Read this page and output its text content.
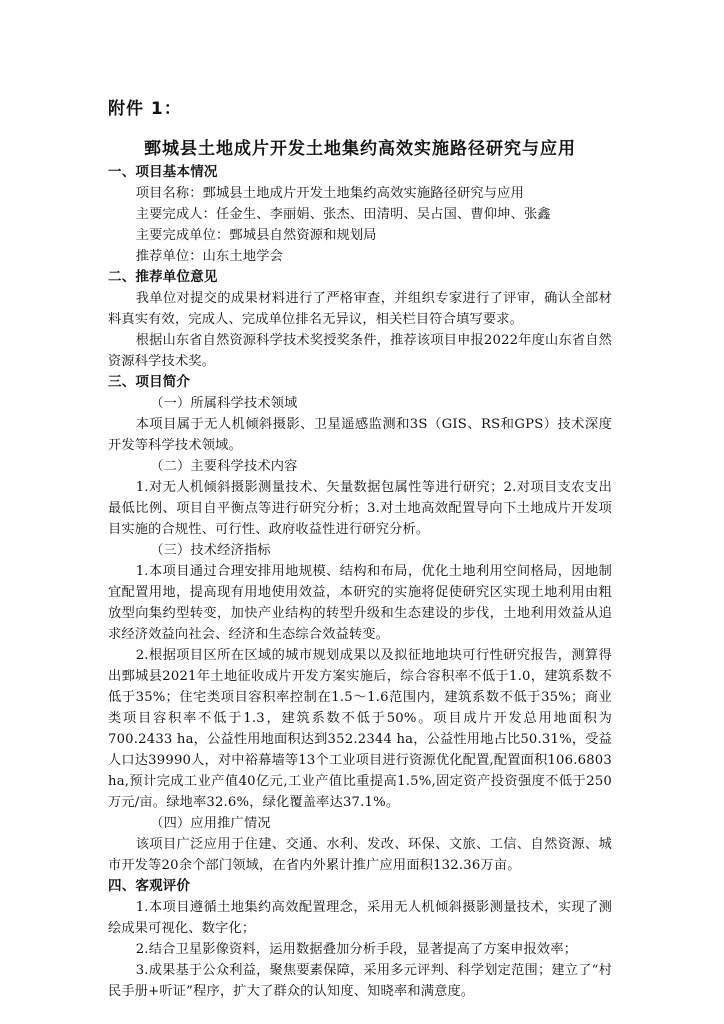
附件 1：
鄄城县土地成片开发土地集约高效实施路径研究与应用

一、项目基本情况

项目名称：鄄城县土地成片开发土地集约高效实施路径研究与应用

主要完成人：任金生、李丽娟、张杰、田清明、吴占国、曹仰坤、张鑫

主要完成单位：鄄城县自然资源和规划局

推荐单位：山东土地学会

二、推荐单位意见

我单位对提交的成果材料进行了严格审查，并组织专家进行了评审，确认全部材料真实有效，完成人、完成单位排名无异议，相关栏目符合填写要求。

根据山东省自然资源科学技术奖授奖条件，推荐该项目申报2022年度山东省自然资源科学技术奖。

三、项目简介

（一）所属科学技术领域

本项目属于无人机倾斜摄影、卫星遥感监测和3S（GIS、RS和GPS）技术深度开发等科学技术领域。

（二）主要科学技术内容

1.对无人机倾斜摄影测量技术、矢量数据包属性等进行研究；2.对项目支农支出最低比例、项目自平衡点等进行研究分析；3.对土地高效配置导向下土地成片开发项目实施的合规性、可行性、政府收益性进行研究分析。

（三）技术经济指标

1.本项目通过合理安排用地规模、结构和布局，优化土地利用空间格局，因地制宜配置用地，提高现有用地使用效益，本研究的实施将促使研究区实现土地利用由粗放型向集约型转变，加快产业结构的转型升级和生态建设的步伐，土地利用效益从追求经济效益向社会、经济和生态综合效益转变。

2.根据项目区所在区域的城市规划成果以及拟征地地块可行性研究报告，测算得出鄄城县2021年土地征收成片开发方案实施后，综合容积率不低于1.0，建筑系数不低于35%；住宅类项目容积率控制在1.5～1.6范围内，建筑系数不低于35%；商业类项目容积率不低于1.3，建筑系数不低于50%。项目成片开发总用地面积为700.2433 ha，公益性用地面积达到352.2344 ha，公益性用地占比50.31%，受益人口达39990人，对中裕幕墙等13个工业项目进行资源优化配置,配置面积106.6803 ha,预计完成工业产值40亿元,工业产值比重提高1.5%,固定资产投资强度不低于250万元/亩。绿地率32.6%，绿化覆盖率达37.1%。

（四）应用推广情况

该项目广泛应用于住建、交通、水利、发改、环保、文旅、工信、自然资源、城市开发等20余个部门领域，在省内外累计推广应用面积132.36万亩。

四、客观评价

1.本项目遵循土地集约高效配置理念，采用无人机倾斜摄影测量技术，实现了测绘成果可视化、数字化；

2.结合卫星影像资料，运用数据叠加分析手段，显著提高了方案申报效率；

3.成果基于公众利益，聚焦要素保障，采用多元评判、科学划定范围；建立了“村民手册+听证”程序，扩大了群众的认知度、知晓率和满意度。
